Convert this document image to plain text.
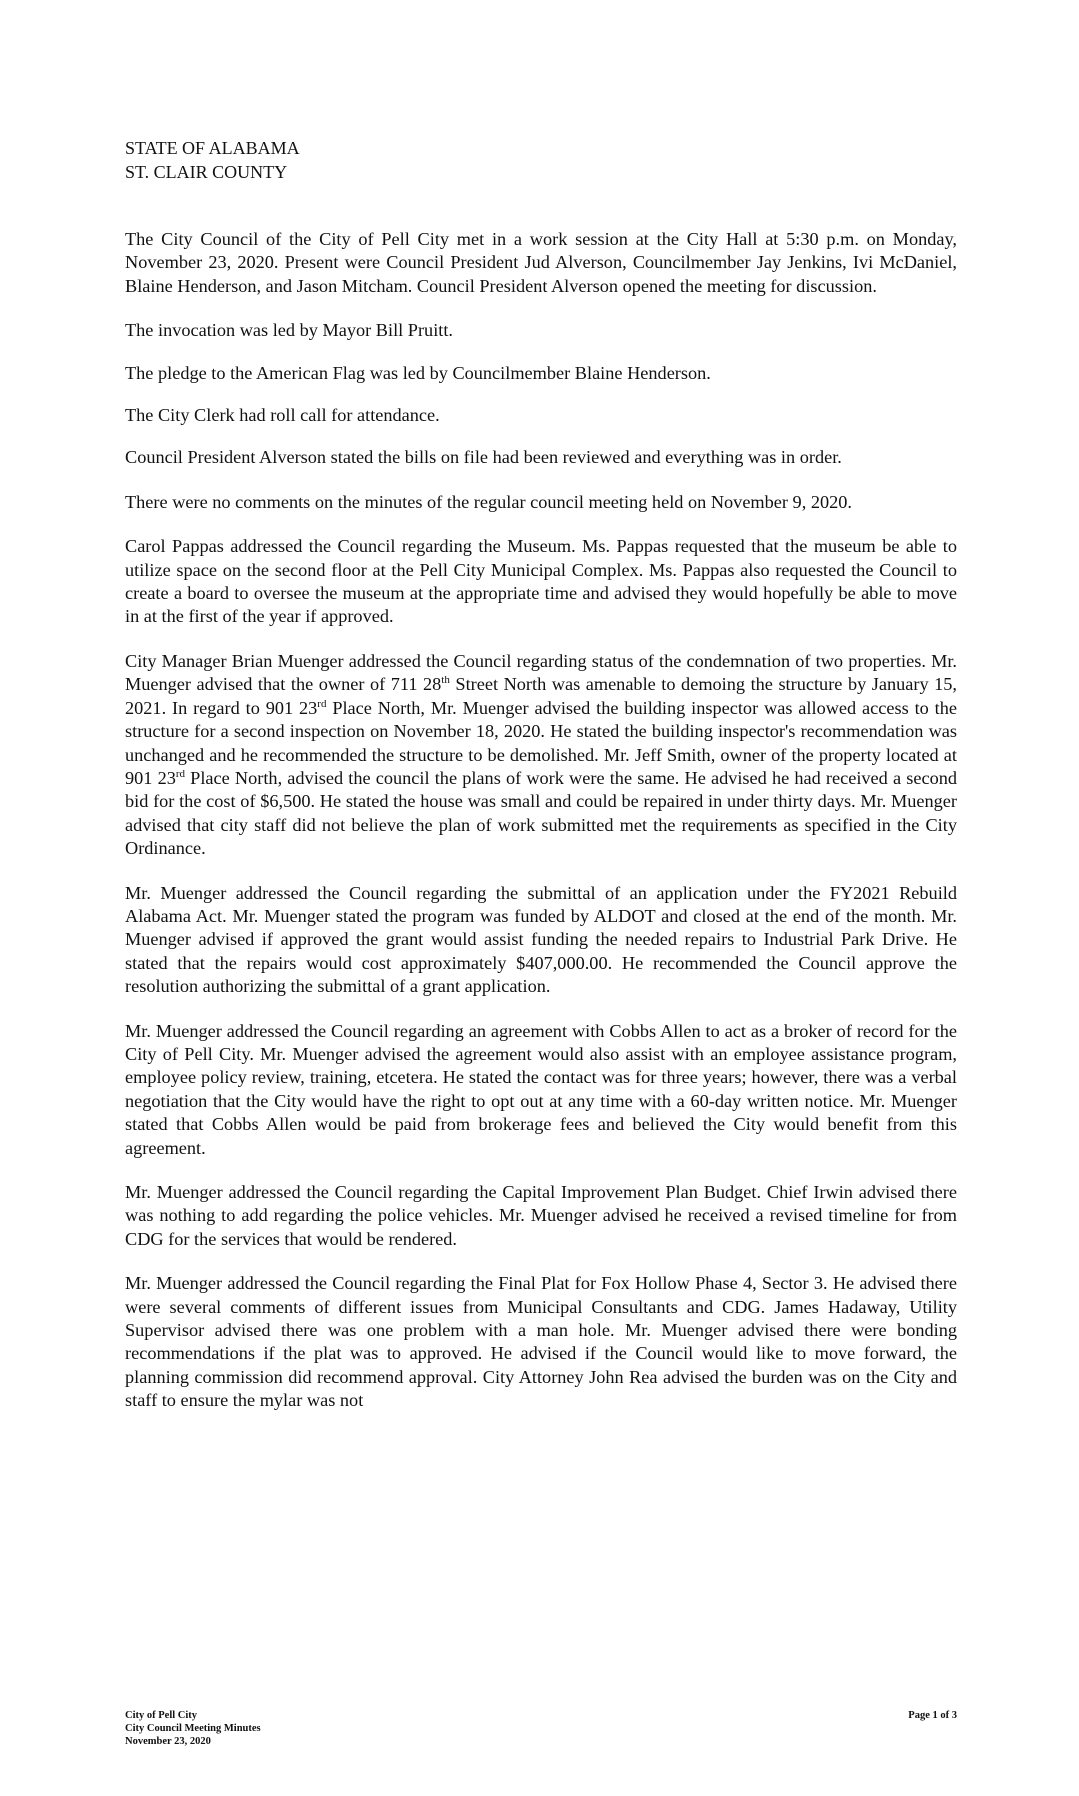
STATE OF ALABAMA
ST. CLAIR COUNTY

The City Council of the City of Pell City met in a work session at the City Hall at 5:30 p.m. on Monday, November 23, 2020. Present were Council President Jud Alverson, Councilmember Jay Jenkins, Ivi McDaniel, Blaine Henderson, and Jason Mitcham. Council President Alverson opened the meeting for discussion.

The invocation was led by Mayor Bill Pruitt.

The pledge to the American Flag was led by Councilmember Blaine Henderson.

The City Clerk had roll call for attendance.

Council President Alverson stated the bills on file had been reviewed and everything was in order.

There were no comments on the minutes of the regular council meeting held on November 9, 2020.

Carol Pappas addressed the Council regarding the Museum. Ms. Pappas requested that the museum be able to utilize space on the second floor at the Pell City Municipal Complex. Ms. Pappas also requested the Council to create a board to oversee the museum at the appropriate time and advised they would hopefully be able to move in at the first of the year if approved.

City Manager Brian Muenger addressed the Council regarding status of the condemnation of two properties. Mr. Muenger advised that the owner of 711 28th Street North was amenable to demoing the structure by January 15, 2021. In regard to 901 23rd Place North, Mr. Muenger advised the building inspector was allowed access to the structure for a second inspection on November 18, 2020. He stated the building inspector's recommendation was unchanged and he recommended the structure to be demolished. Mr. Jeff Smith, owner of the property located at 901 23rd Place North, advised the council the plans of work were the same. He advised he had received a second bid for the cost of $6,500. He stated the house was small and could be repaired in under thirty days. Mr. Muenger advised that city staff did not believe the plan of work submitted met the requirements as specified in the City Ordinance.

Mr. Muenger addressed the Council regarding the submittal of an application under the FY2021 Rebuild Alabama Act. Mr. Muenger stated the program was funded by ALDOT and closed at the end of the month. Mr. Muenger advised if approved the grant would assist funding the needed repairs to Industrial Park Drive. He stated that the repairs would cost approximately $407,000.00. He recommended the Council approve the resolution authorizing the submittal of a grant application.

Mr. Muenger addressed the Council regarding an agreement with Cobbs Allen to act as a broker of record for the City of Pell City. Mr. Muenger advised the agreement would also assist with an employee assistance program, employee policy review, training, etcetera. He stated the contact was for three years; however, there was a verbal negotiation that the City would have the right to opt out at any time with a 60-day written notice. Mr. Muenger stated that Cobbs Allen would be paid from brokerage fees and believed the City would benefit from this agreement.

Mr. Muenger addressed the Council regarding the Capital Improvement Plan Budget. Chief Irwin advised there was nothing to add regarding the police vehicles. Mr. Muenger advised he received a revised timeline for from CDG for the services that would be rendered.

Mr. Muenger addressed the Council regarding the Final Plat for Fox Hollow Phase 4, Sector 3. He advised there were several comments of different issues from Municipal Consultants and CDG. James Hadaway, Utility Supervisor advised there was one problem with a man hole. Mr. Muenger advised there were bonding recommendations if the plat was to approved. He advised if the Council would like to move forward, the planning commission did recommend approval. City Attorney John Rea advised the burden was on the City and staff to ensure the mylar was not

City of Pell City
City Council Meeting Minutes
November 23, 2020
Page 1 of 3
